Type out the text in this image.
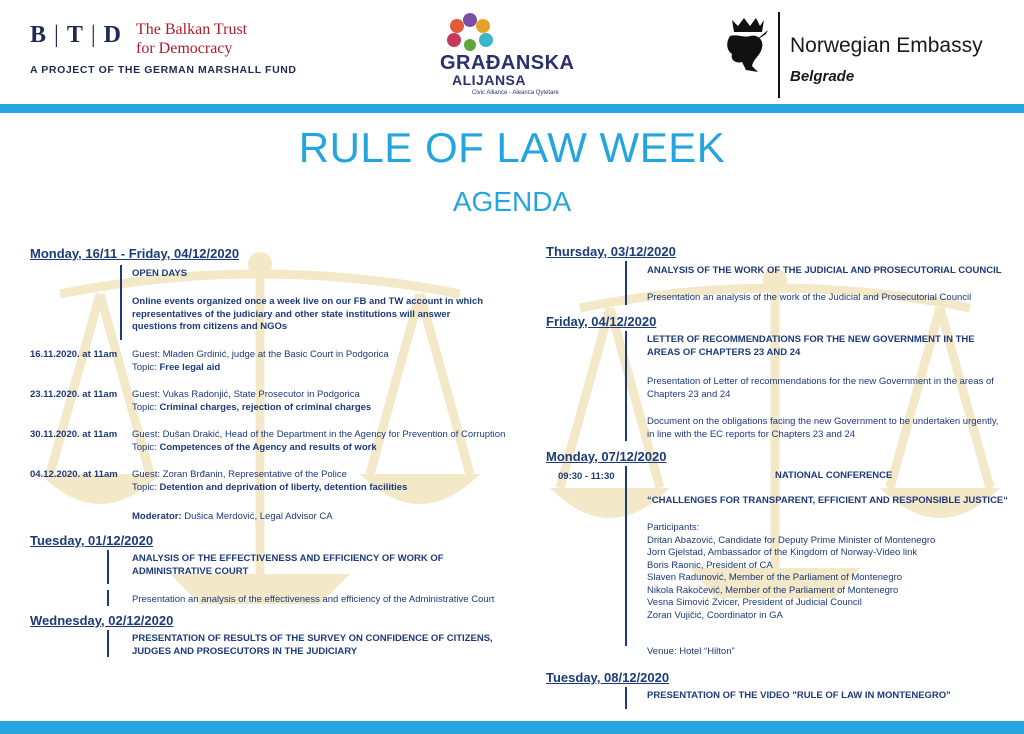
B | T | D The Balkan Trust
for Democracy
A PROJECT OF THE GERMAN MARSHALL FUND	GRAĐANSKA
ALIJANSA
Civic Alliance - Aleanca Qytetare
Norwegian Embassy
Belgrade
RULE OF LAW WEEK
AGENDA
Monday, 16/11 - Friday, 04/12/2020
OPEN DAYS
Online events organized once a week live on our FB and TW account in which representatives of the judiciary and other state institutions will answer questions from citizens and NGOs
16.11.2020. at 11am Guest: Mladen Grdinić, judge at the Basic Court in Podgorica
Topic: Free legal aid
23.11.2020. at 11am Guest: Vukas Radonjić, State Prosecutor in Podgorica
Topic: Criminal charges, rejection of criminal charges
30.11.2020. at 11am Guest: Dušan Drakić, Head of the Department in the Agency for Prevention of Corruption
Topic: Competences of the Agency and results of work
04.12.2020. at 11am Guest: Zoran Brđanin, Representative of the Police
Topic: Detention and deprivation of liberty, detention facilities
Moderator: Dušica Merdović, Legal Advisor CA
Tuesday, 01/12/2020
ANALYSIS OF THE EFFECTIVENESS AND EFFICIENCY OF WORK OF ADMINISTRATIVE COURT
Presentation an analysis of the effectiveness and efficiency of the Administrative Court
Wednesday, 02/12/2020
PRESENTATION OF RESULTS OF THE SURVEY ON CONFIDENCE OF CITIZENS, JUDGES AND PROSECUTORS IN THE JUDICIARY
Thursday, 03/12/2020
ANALYSIS OF THE WORK OF THE JUDICIAL AND PROSECUTORIAL COUNCIL
Presentation an analysis of the work of the Judicial and Prosecutorial Council
Friday, 04/12/2020
LETTER OF RECOMMENDATIONS FOR THE NEW GOVERNMENT IN THE AREAS OF CHAPTERS 23 AND 24
Presentation of Letter of recommendations for the new Government in the areas of Chapters 23 and 24
Document on the obligations facing the new Government to be undertaken urgently, in line with the EC reports for Chapters 23 and 24
Monday, 07/12/2020
09:30 - 11:30	NATIONAL CONFERENCE
“CHALLENGES FOR TRANSPARENT, EFFICIENT AND RESPONSIBLE JUSTICE“
Participants:
Dritan Abazović, Candidate for Deputy Prime Minister of Montenegro
Jorn Gjelstad, Ambassador of the Kingdom of Norway-Video link
Boris Raonic, President of CA
Slaven Radunović, Member of the Parliament of Montenegro
Nikola Rakočević, Member of the Parliament of Montenegro
Vesna Simović Zvicer, President of Judicial Council
Zoran Vujičić, Coordinator in GA
Venue: Hotel “Hilton”
Tuesday, 08/12/2020
PRESENTATION OF THE VIDEO "RULE OF LAW IN MONTENEGRO"
